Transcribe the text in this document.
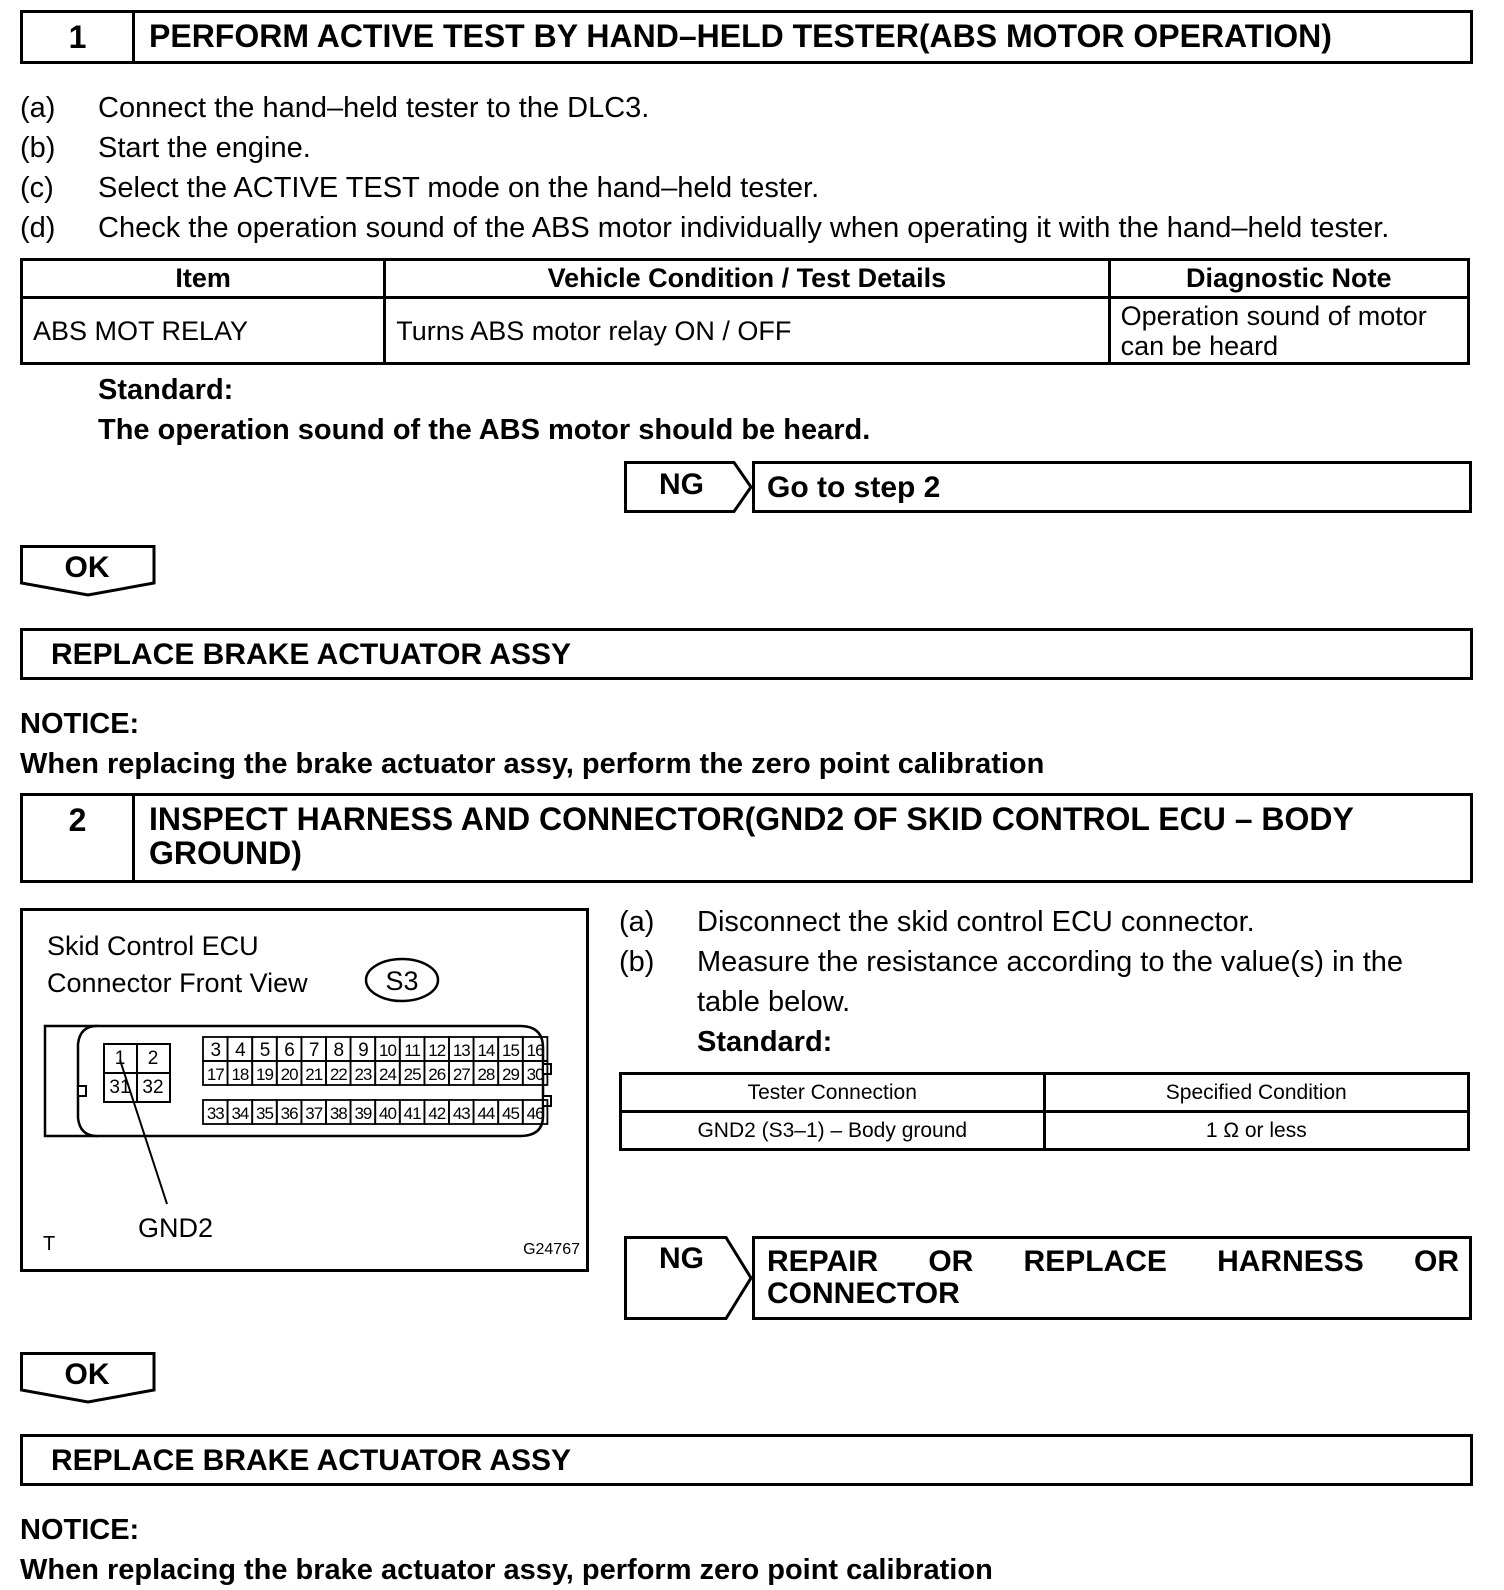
1	PERFORM ACTIVE TEST BY HAND–HELD TESTER(ABS MOTOR OPERATION)
(a) Connect the hand–held tester to the DLC3.
(b) Start the engine.
(c) Select the ACTIVE TEST mode on the hand–held tester.
(d) Check the operation sound of the ABS motor individually when operating it with the hand–held tester.
Item	Vehicle Condition / Test Details	Diagnostic Note
ABS MOT RELAY	Turns ABS motor relay ON / OFF	Operation sound of motor can be heard
Standard:
The operation sound of the ABS motor should be heard.
NG Go to step 2
OK
REPLACE BRAKE ACTUATOR ASSY
NOTICE:
When replacing the brake actuator assy, perform the zero point calibration
2	INSPECT HARNESS AND CONNECTOR(GND2 OF SKID CONTROL ECU – BODY GROUND)
Skid Control ECU
Connector Front View	S3
1 2
31 32
3 4 5 6 7 8 9 10 11 12 13 14 15 16
17 18 19 20 21 22 23 24 25 26 27 28 29 30
33 34 35 36 37 38 39 40 41 42 43 44 45 46
GND2
T	G24767
(a) Disconnect the skid control ECU connector.
(b) Measure the resistance according to the value(s) in the
table below.
Standard:
Tester Connection	Specified Condition
GND2 (S3–1) – Body ground	1 Ω or less
NG REPAIR OR REPLACE HARNESS OR
CONNECTOR
OK
REPLACE BRAKE ACTUATOR ASSY
NOTICE:
When replacing the brake actuator assy, perform zero point calibration
